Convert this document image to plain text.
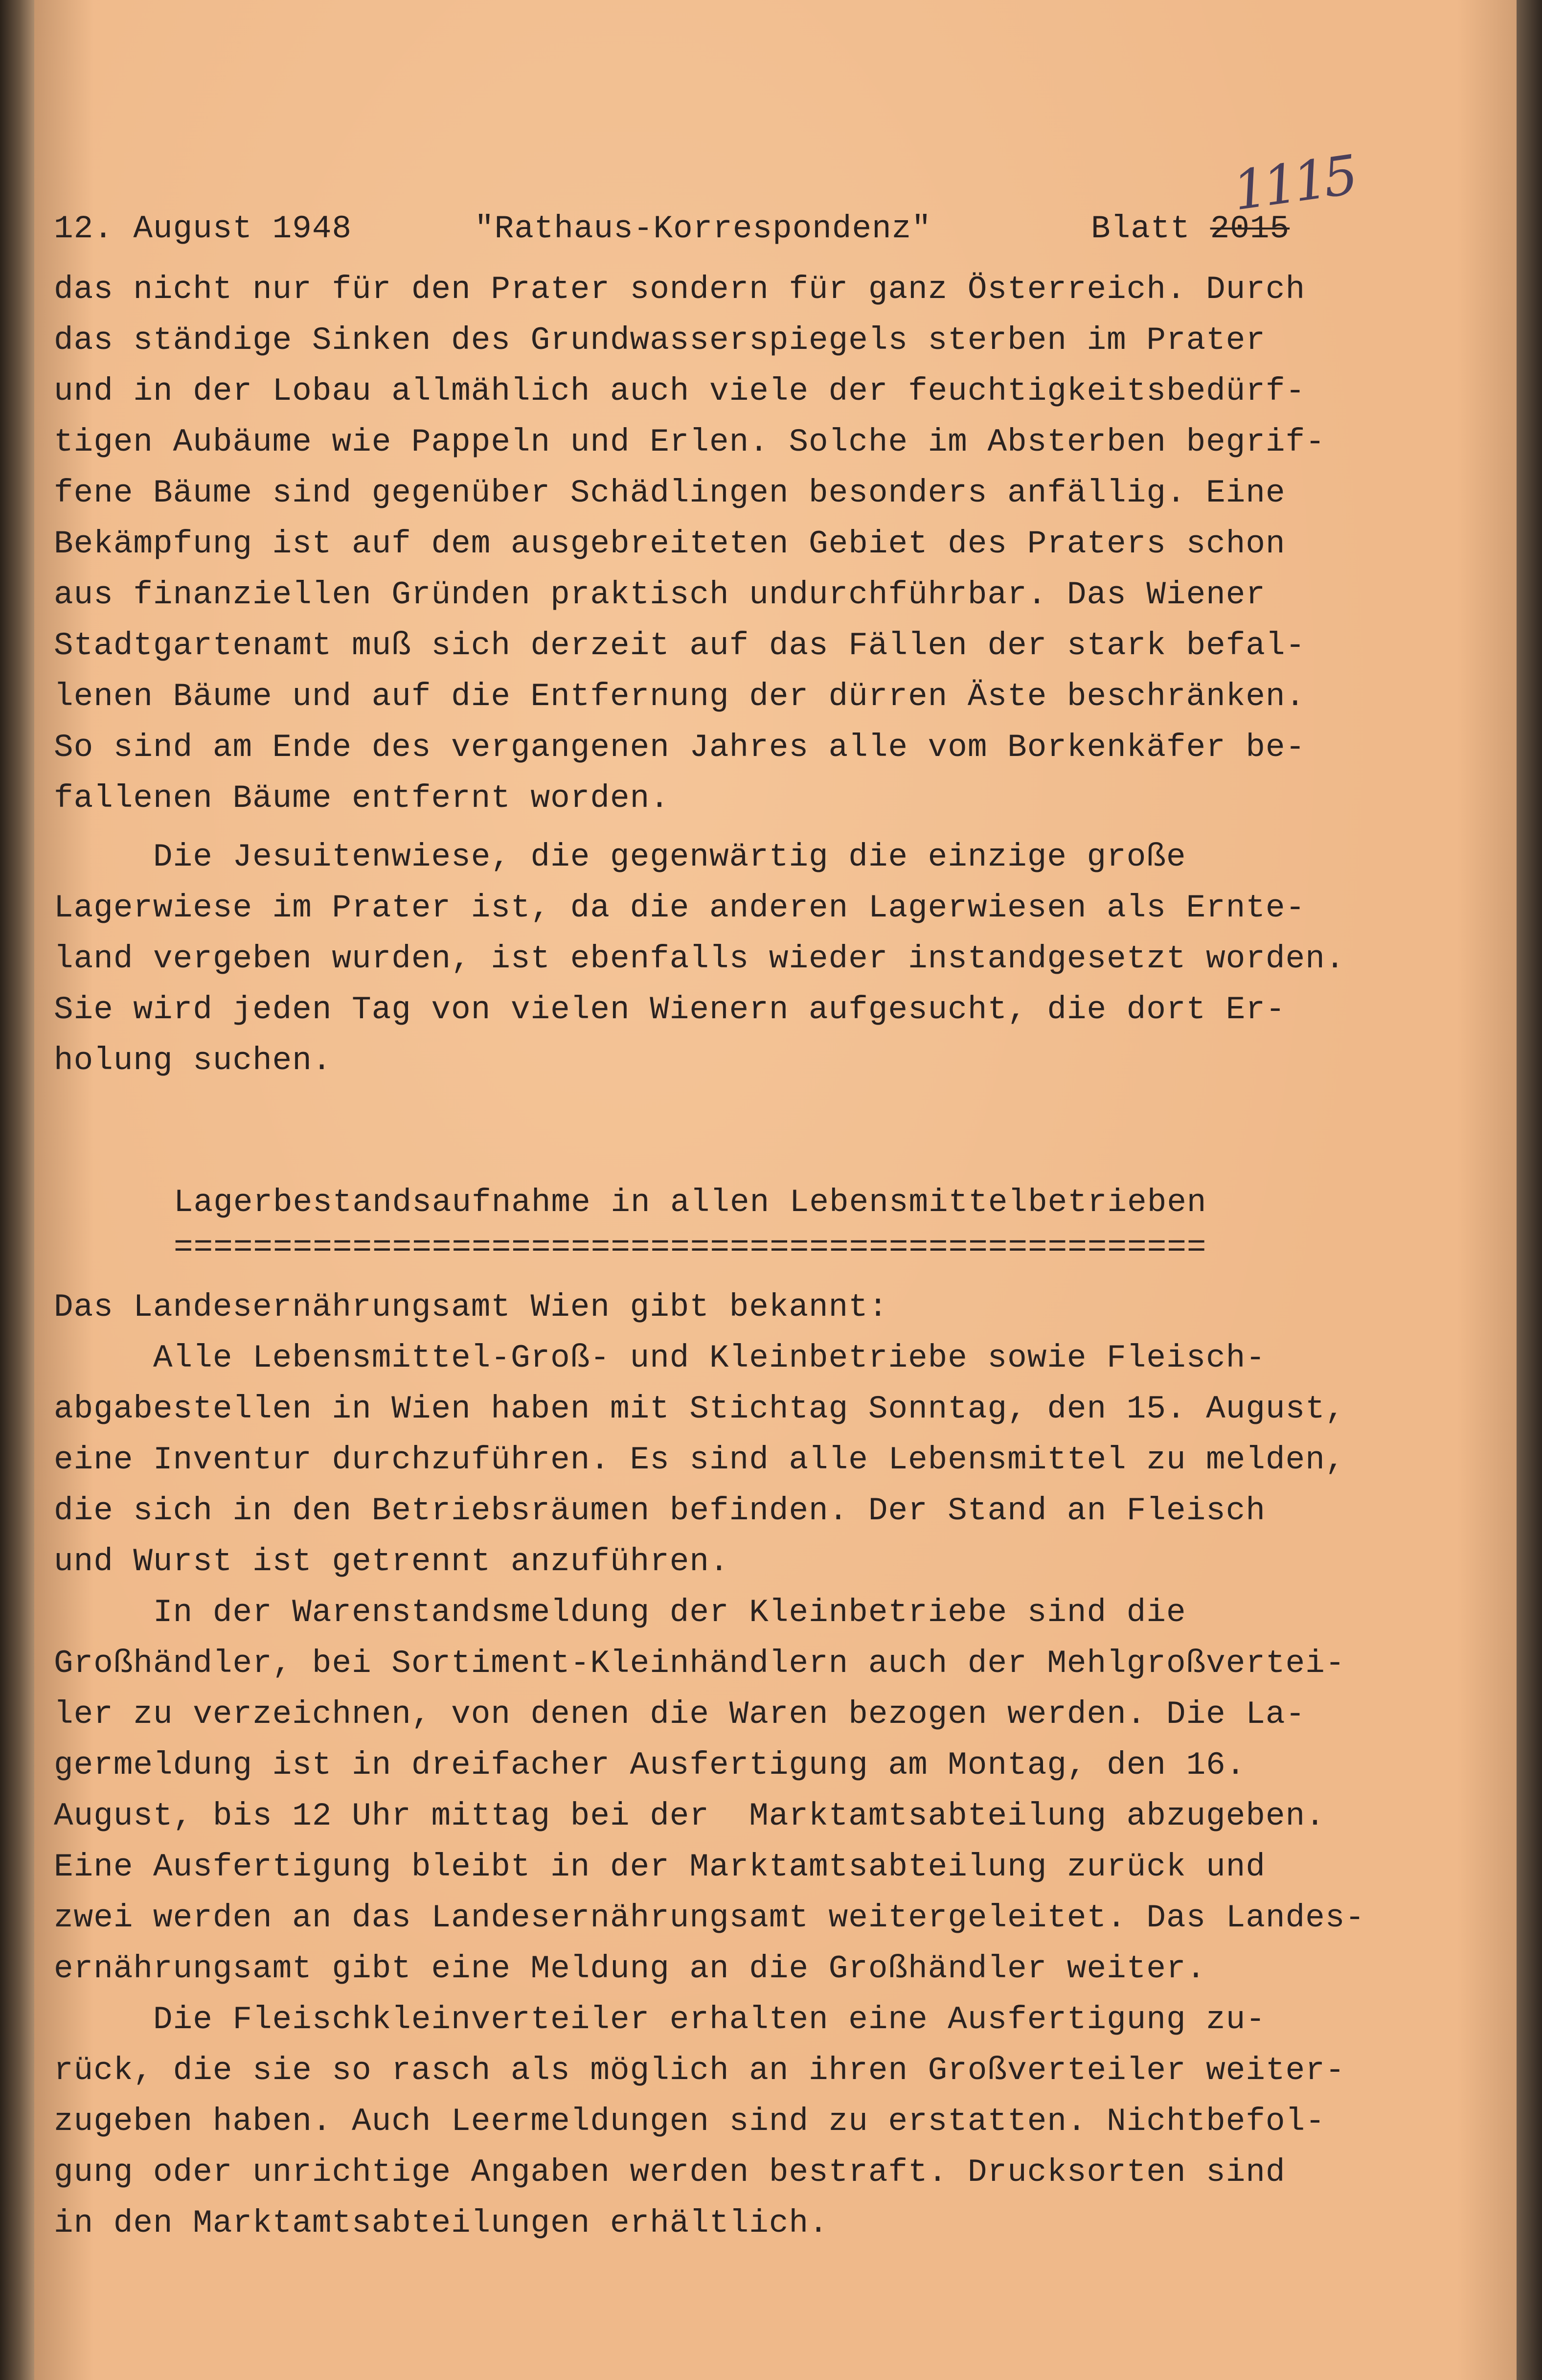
12. August 1948	"Rathaus-Korrespondenz"	Blatt 2015
1115
das nicht nur für den Prater sondern für ganz Österreich. Durch
das ständige Sinken des Grundwasserspiegels sterben im Prater
und in der Lobau allmählich auch viele der feuchtigkeitsbedürf-
tigen Aubäume wie Pappeln und Erlen. Solche im Absterben begrif-
fene Bäume sind gegenüber Schädlingen besonders anfällig. Eine
Bekämpfung ist auf dem ausgebreiteten Gebiet des Praters schon
aus finanziellen Gründen praktisch undurchführbar. Das Wiener
Stadtgartenamt muß sich derzeit auf das Fällen der stark befal-
lenen Bäume und auf die Entfernung der dürren Äste beschränken.
So sind am Ende des vergangenen Jahres alle vom Borkenkäfer be-
fallenen Bäume entfernt worden.
Die Jesuitenwiese, die gegenwärtig die einzige große
Lagerwiese im Prater ist, da die anderen Lagerwiesen als Ernte-
land vergeben wurden, ist ebenfalls wieder instandgesetzt worden.
Sie wird jeden Tag von vielen Wienern aufgesucht, die dort Er-
holung suchen.
Lagerbestandsaufnahme in allen Lebensmittelbetrieben
====================================================
Das Landesernährungsamt Wien gibt bekannt:
Alle Lebensmittel-Groß- und Kleinbetriebe sowie Fleisch-
abgabestellen in Wien haben mit Stichtag Sonntag, den 15. August,
eine Inventur durchzuführen. Es sind alle Lebensmittel zu melden,
die sich in den Betriebsräumen befinden. Der Stand an Fleisch
und Wurst ist getrennt anzuführen.
In der Warenstandsmeldung der Kleinbetriebe sind die
Großhändler, bei Sortiment-Kleinhändlern auch der Mehlgroßvertei-
ler zu verzeichnen, von denen die Waren bezogen werden. Die La-
germeldung ist in dreifacher Ausfertigung am Montag, den 16.
August, bis 12 Uhr mittag bei der  Marktamtsabteilung abzugeben.
Eine Ausfertigung bleibt in der Marktamtsabteilung zurück und
zwei werden an das Landesernährungsamt weitergeleitet. Das Landes-
ernährungsamt gibt eine Meldung an die Großhändler weiter.
Die Fleischkleinverteiler erhalten eine Ausfertigung zu-
rück, die sie so rasch als möglich an ihren Großverteiler weiter-
zugeben haben. Auch Leermeldungen sind zu erstatten. Nichtbefol-
gung oder unrichtige Angaben werden bestraft. Drucksorten sind
in den Marktamtsabteilungen erhältlich.
